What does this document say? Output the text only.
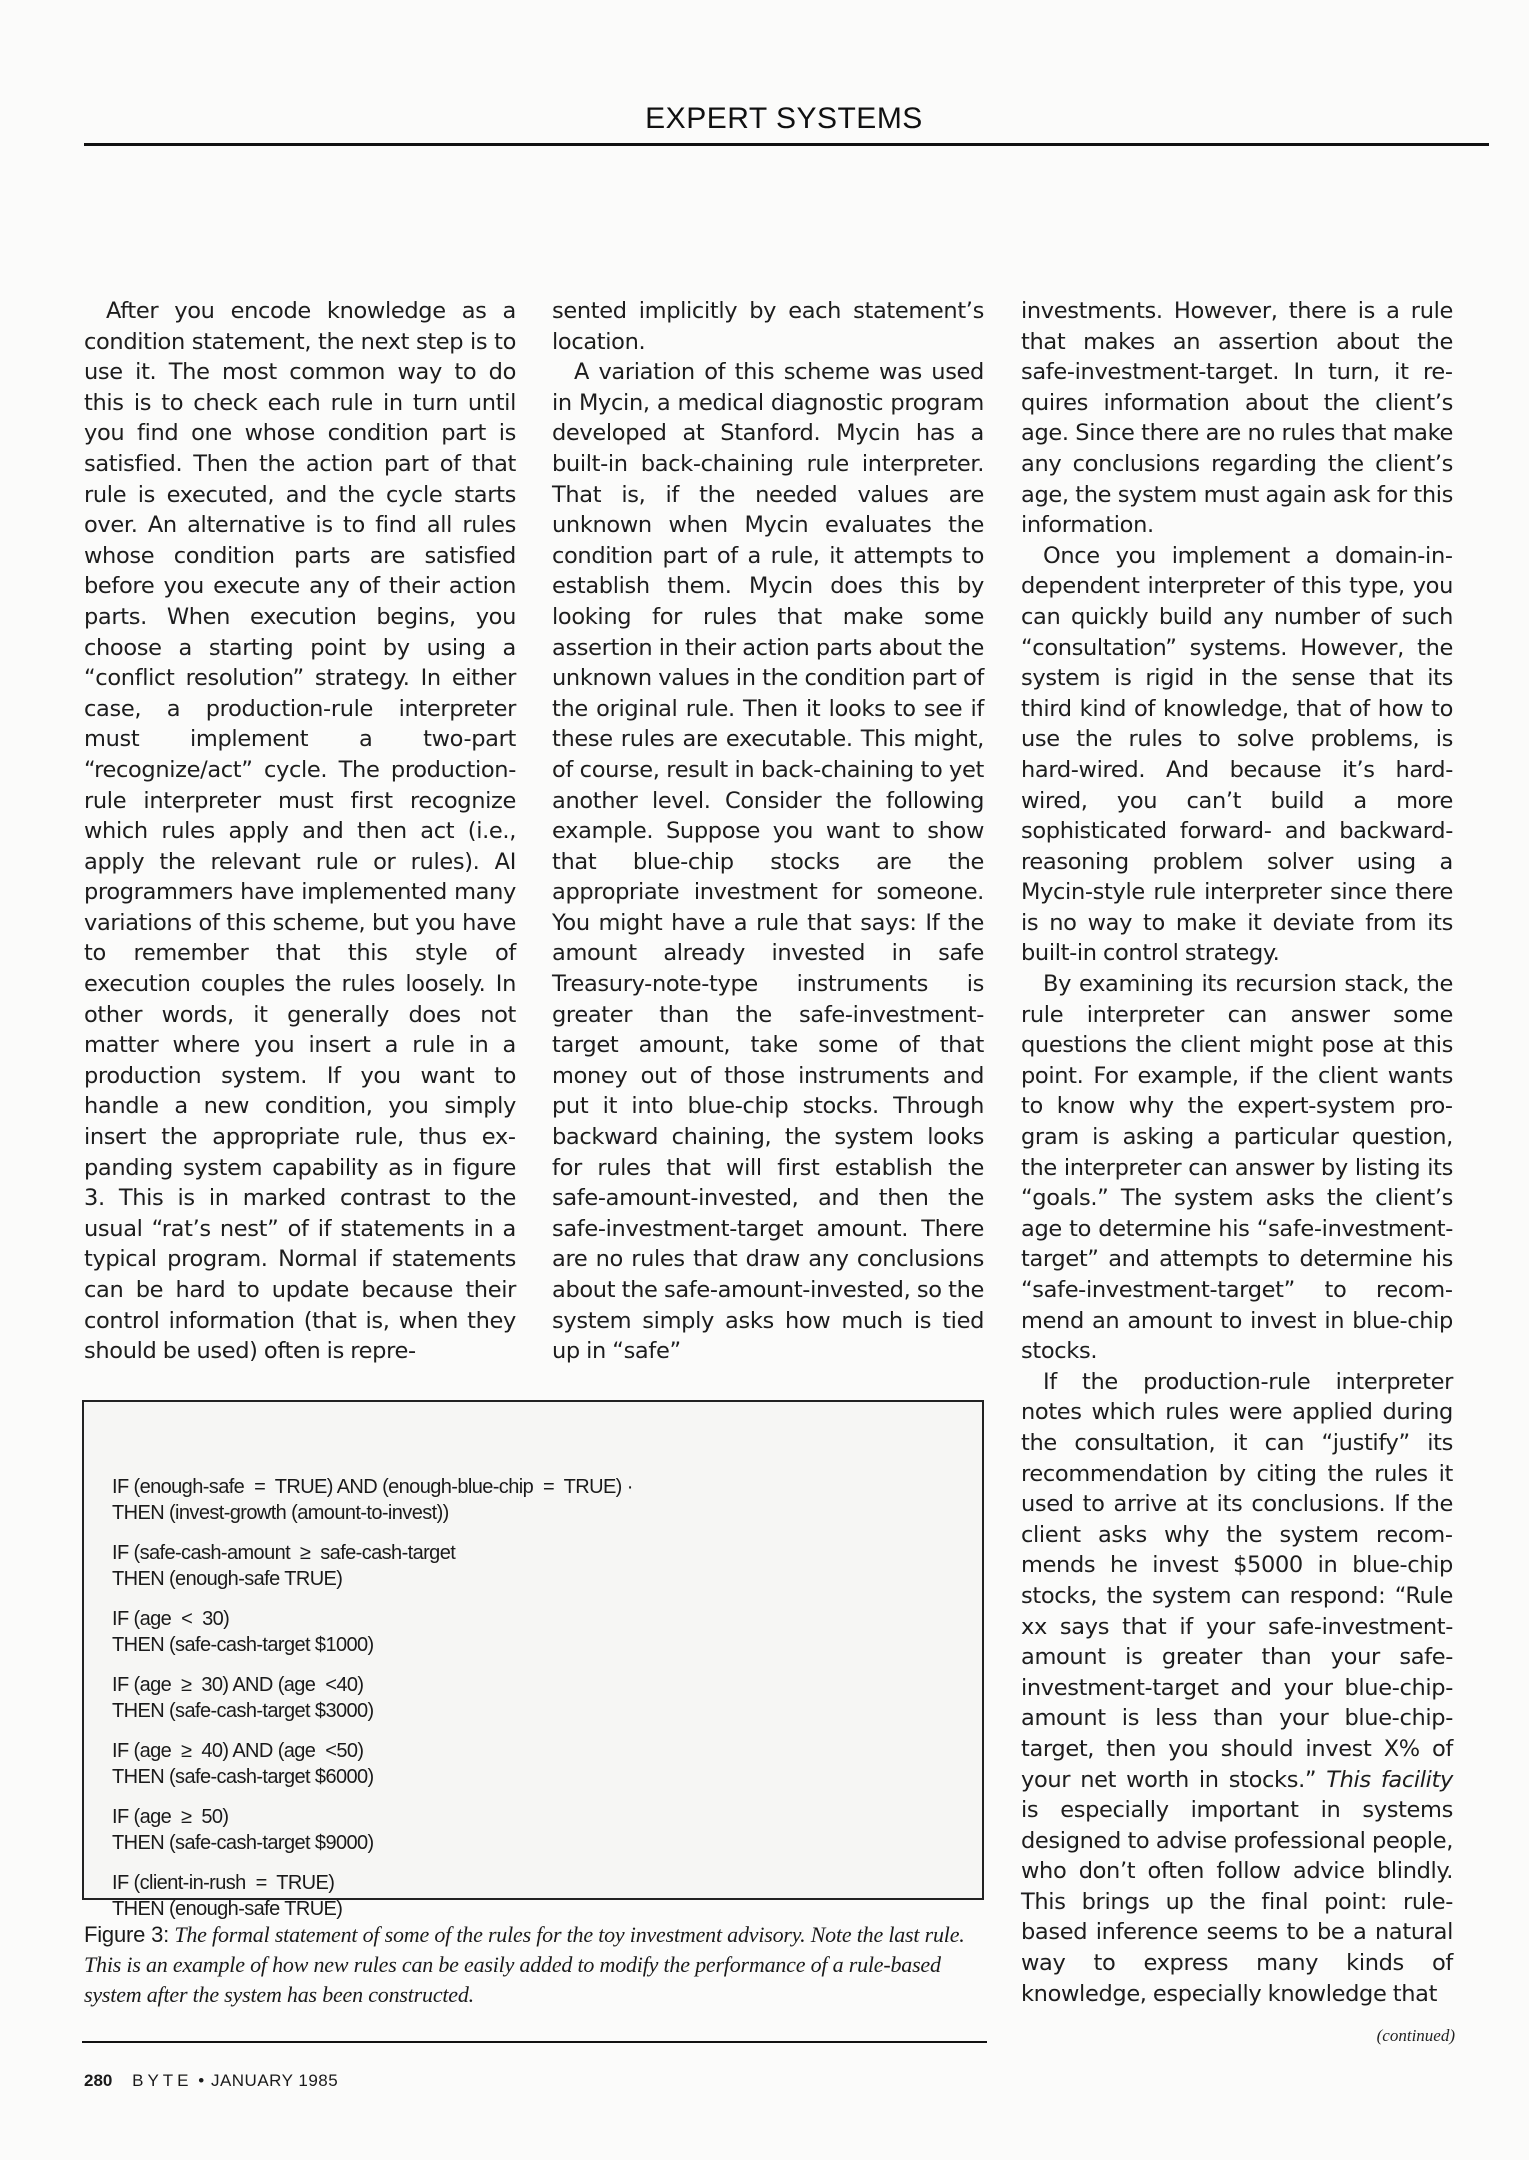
EXPERT SYSTEMS

After you encode knowledge as a condition statement, the next step is to use it. The most common way to do this is to check each rule in turn until you find one whose condition part is satisfied. Then the action part of that rule is executed, and the cycle starts over. An alternative is to find all rules whose condition parts are satisfied before you execute any of their action parts. When execution begins, you choose a starting point by using a “conflict resolution” strategy. In either case, a production-rule interpreter must implement a two-part “recognize/act” cycle. The production-rule interpreter must first recognize which rules apply and then act (i.e., apply the relevant rule or rules). AI programmers have implemented many variations of this scheme, but you have to remember that this style of execution couples the rules loosely. In other words, it generally does not matter where you insert a rule in a production system. If you want to handle a new condition, you simply insert the appropriate rule, thus expanding system capability as in figure 3. This is in marked contrast to the usual “rat’s nest” of if statements in a typical program. Normal if statements can be hard to update because their control information (that is, when they should be used) often is repre-

sented implicitly by each statement’s location.

A variation of this scheme was used in Mycin, a medical diagnostic program developed at Stanford. Mycin has a built-in back-chaining rule interpreter. That is, if the needed values are unknown when Mycin evaluates the condition part of a rule, it attempts to establish them. Mycin does this by looking for rules that make some assertion in their action parts about the unknown values in the condition part of the original rule. Then it looks to see if these rules are executable. This might, of course, result in back-chaining to yet another level. Consider the following example. Suppose you want to show that blue-chip stocks are the appropriate investment for someone. You might have a rule that says: If the amount already invested in safe Treasury-note-type instruments is greater than the safe-investment-target amount, take some of that money out of those instruments and put it into blue-chip stocks. Through backward chaining, the system looks for rules that will first establish the safe-amount-invested, and then the safe-investment-target amount. There are no rules that draw any conclusions about the safe-amount-invested, so the system simply asks how much is tied up in “safe”

investments. However, there is a rule that makes an assertion about the safe-investment-target. In turn, it requires information about the client’s age. Since there are no rules that make any conclusions regarding the client’s age, the system must again ask for this information.

Once you implement a domain-independent interpreter of this type, you can quickly build any number of such “consultation” systems. However, the system is rigid in the sense that its third kind of knowledge, that of how to use the rules to solve problems, is hard-wired. And because it’s hard-wired, you can’t build a more sophisticated forward- and backward-reasoning problem solver using a Mycin-style rule interpreter since there is no way to make it deviate from its built-in control strategy.

By examining its recursion stack, the rule interpreter can answer some questions the client might pose at this point. For example, if the client wants to know why the expert-system program is asking a particular question, the interpreter can answer by listing its “goals.” The system asks the client’s age to determine his “safe-investment-target” and attempts to determine his “safe-investment-target” to recommend an amount to invest in blue-chip stocks.

If the production-rule interpreter notes which rules were applied during the consultation, it can “justify” its recommendation by citing the rules it used to arrive at its conclusions. If the client asks why the system recommends he invest $5000 in blue-chip stocks, the system can respond: “Rule xx says that if your safe-investment-amount is greater than your safe-investment-target and your blue-chip-amount is less than your blue-chip-target, then you should invest X% of your net worth in stocks.” This facility is especially important in systems designed to advise professional people, who don’t often follow advice blindly. This brings up the final point: rule-based inference seems to be a natural way to express many kinds of knowledge, especially knowledge that

(continued)
IF (enough-safe  =  TRUE) AND (enough-blue-chip  =  TRUE) ·
THEN (invest-growth (amount-to-invest))
IF (safe-cash-amount  ≥  safe-cash-target
THEN (enough-safe TRUE)
IF (age  <  30)
THEN (safe-cash-target $1000)
IF (age  ≥  30) AND (age  <40)
THEN (safe-cash-target $3000)
IF (age  ≥  40) AND (age  <50)
THEN (safe-cash-target $6000)
IF (age  ≥  50)
THEN (safe-cash-target $9000)
IF (client-in-rush  =  TRUE)
THEN (enough-safe TRUE)
Figure 3: The formal statement of some of the rules for the toy investment advisory. Note the last rule. This is an example of how new rules can be easily added to modify the performance of a rule-based system after the system has been constructed.
280 BYTE • JANUARY 1985
